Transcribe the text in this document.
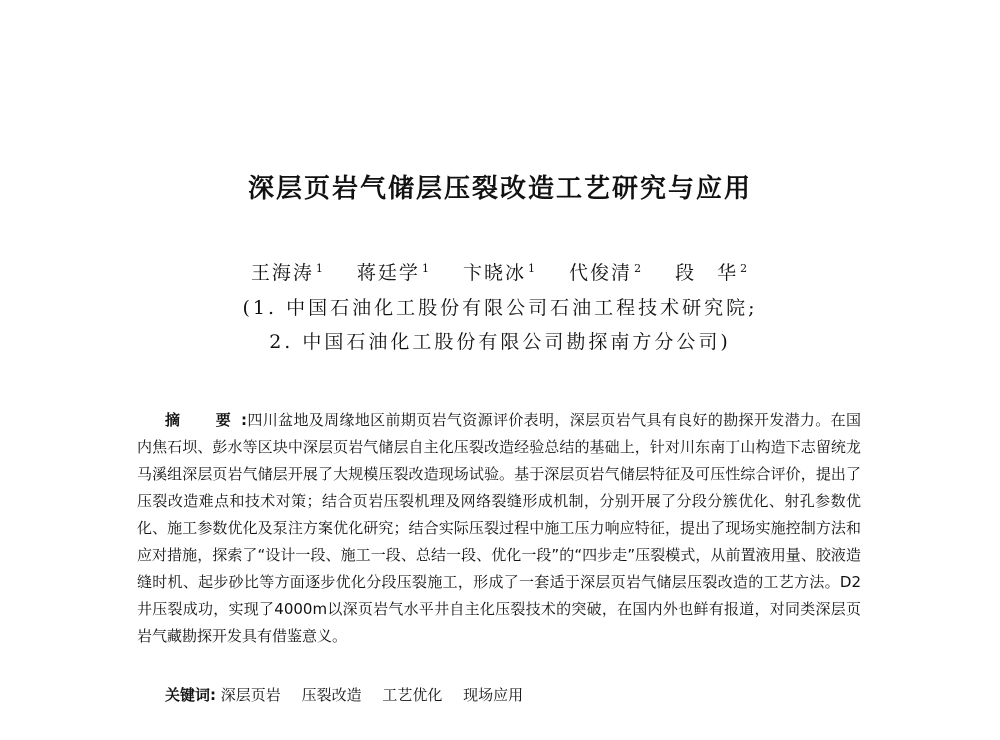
深层页岩气储层压裂改造工艺研究与应用
王海涛 $^1$ 蒋廷学 $^1$ 卞晓冰 $^1$ 代俊清 $^2$ 段　华 $^2$
(1. 中国石油化工股份有限公司石油工程技术研究院;
2. 中国石油化工股份有限公司勘探南方分公司)
摘　要:四川盆地及周缘地区前期页岩气资源评价表明，深层页岩气具有良好的勘探开发潜力。在国内焦石坝、彭水等区块中深层页岩气储层自主化压裂改造经验总结的基础上，针对川东南丁山构造下志留统龙马溪组深层页岩气储层开展了大规模压裂改造现场试验。基于深层页岩气储层特征及可压性综合评价，提出了压裂改造难点和技术对策；结合页岩压裂机理及网络裂缝形成机制，分别开展了分段分簇优化、射孔参数优化、施工参数优化及泵注方案优化研究；结合实际压裂过程中施工压力响应特征，提出了现场实施控制方法和应对措施，探索了“设计一段、施工一段、总结一段、优化一段”的“四步走”压裂模式，从前置液用量、胶液造缝时机、起步砂比等方面逐步优化分段压裂施工，形成了一套适于深层页岩气储层压裂改造的工艺方法。D2井压裂成功，实现了4000m以深页岩气水平井自主化压裂技术的突破，在国内外也鲜有报道，对同类深层页岩气藏勘探开发具有借鉴意义。
关键词: 深层页岩 压裂改造 工艺优化 现场应用
